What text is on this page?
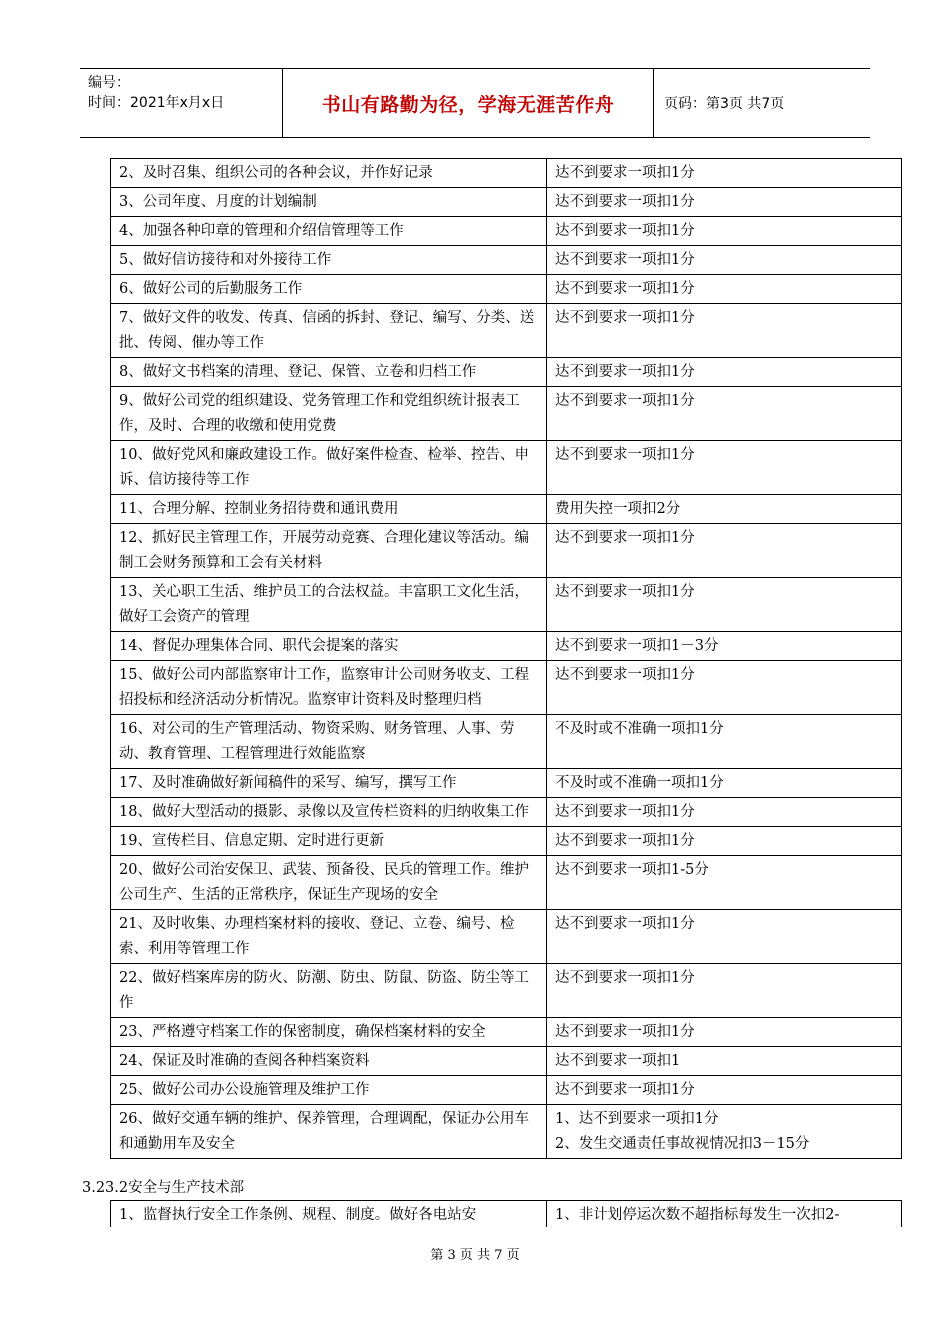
编号：
时间：2021年x月x日	书山有路勤为径，学海无涯苦作舟	页码：第3页 共7页
2、及时召集、组织公司的各种会议，并作好记录	达不到要求一项扣1分
3、公司年度、月度的计划编制	达不到要求一项扣1分
4、加强各种印章的管理和介绍信管理等工作	达不到要求一项扣1分
5、做好信访接待和对外接待工作	达不到要求一项扣1分
6、做好公司的后勤服务工作	达不到要求一项扣1分
7、做好文件的收发、传真、信函的拆封、登记、编写、分类、送批、传阅、催办等工作	达不到要求一项扣1分
8、做好文书档案的清理、登记、保管、立卷和归档工作	达不到要求一项扣1分
9、做好公司党的组织建设、党务管理工作和党组织统计报表工作，及时、合理的收缴和使用党费	达不到要求一项扣1分
10、做好党风和廉政建设工作。做好案件检查、检举、控告、申诉、信访接待等工作	达不到要求一项扣1分
11、合理分解、控制业务招待费和通讯费用	费用失控一项扣2分
12、抓好民主管理工作，开展劳动竞赛、合理化建议等活动。编制工会财务预算和工会有关材料	达不到要求一项扣1分
13、关心职工生活、维护员工的合法权益。丰富职工文化生活，做好工会资产的管理	达不到要求一项扣1分
14、督促办理集体合同、职代会提案的落实	达不到要求一项扣1－3分
15、做好公司内部监察审计工作，监察审计公司财务收支、工程招投标和经济活动分析情况。监察审计资料及时整理归档	达不到要求一项扣1分
16、对公司的生产管理活动、物资采购、财务管理、人事、劳动、教育管理、工程管理进行效能监察	不及时或不准确一项扣1分
17、及时准确做好新闻稿件的采写、编写，撰写工作	不及时或不准确一项扣1分
18、做好大型活动的摄影、录像以及宣传栏资料的归纳收集工作	达不到要求一项扣1分
19、宣传栏目、信息定期、定时进行更新	达不到要求一项扣1分
20、做好公司治安保卫、武装、预备役、民兵的管理工作。维护公司生产、生活的正常秩序，保证生产现场的安全	达不到要求一项扣1-5分
21、及时收集、办理档案材料的接收、登记、立卷、编号、检索、利用等管理工作	达不到要求一项扣1分
22、做好档案库房的防火、防潮、防虫、防鼠、防盗、防尘等工作	达不到要求一项扣1分
23、严格遵守档案工作的保密制度，确保档案材料的安全	达不到要求一项扣1分
24、保证及时准确的查阅各种档案资料	达不到要求一项扣1
25、做好公司办公设施管理及维护工作	达不到要求一项扣1分
26、做好交通车辆的维护、保养管理，合理调配，保证办公用车和通勤用车及安全	1、达不到要求一项扣1分
2、发生交通责任事故视情况扣3－15分
3.23.2安全与生产技术部
1、监督执行安全工作条例、规程、制度。做好各电站安	1、非计划停运次数不超指标每发生一次扣2-
第 3 页 共 7 页
